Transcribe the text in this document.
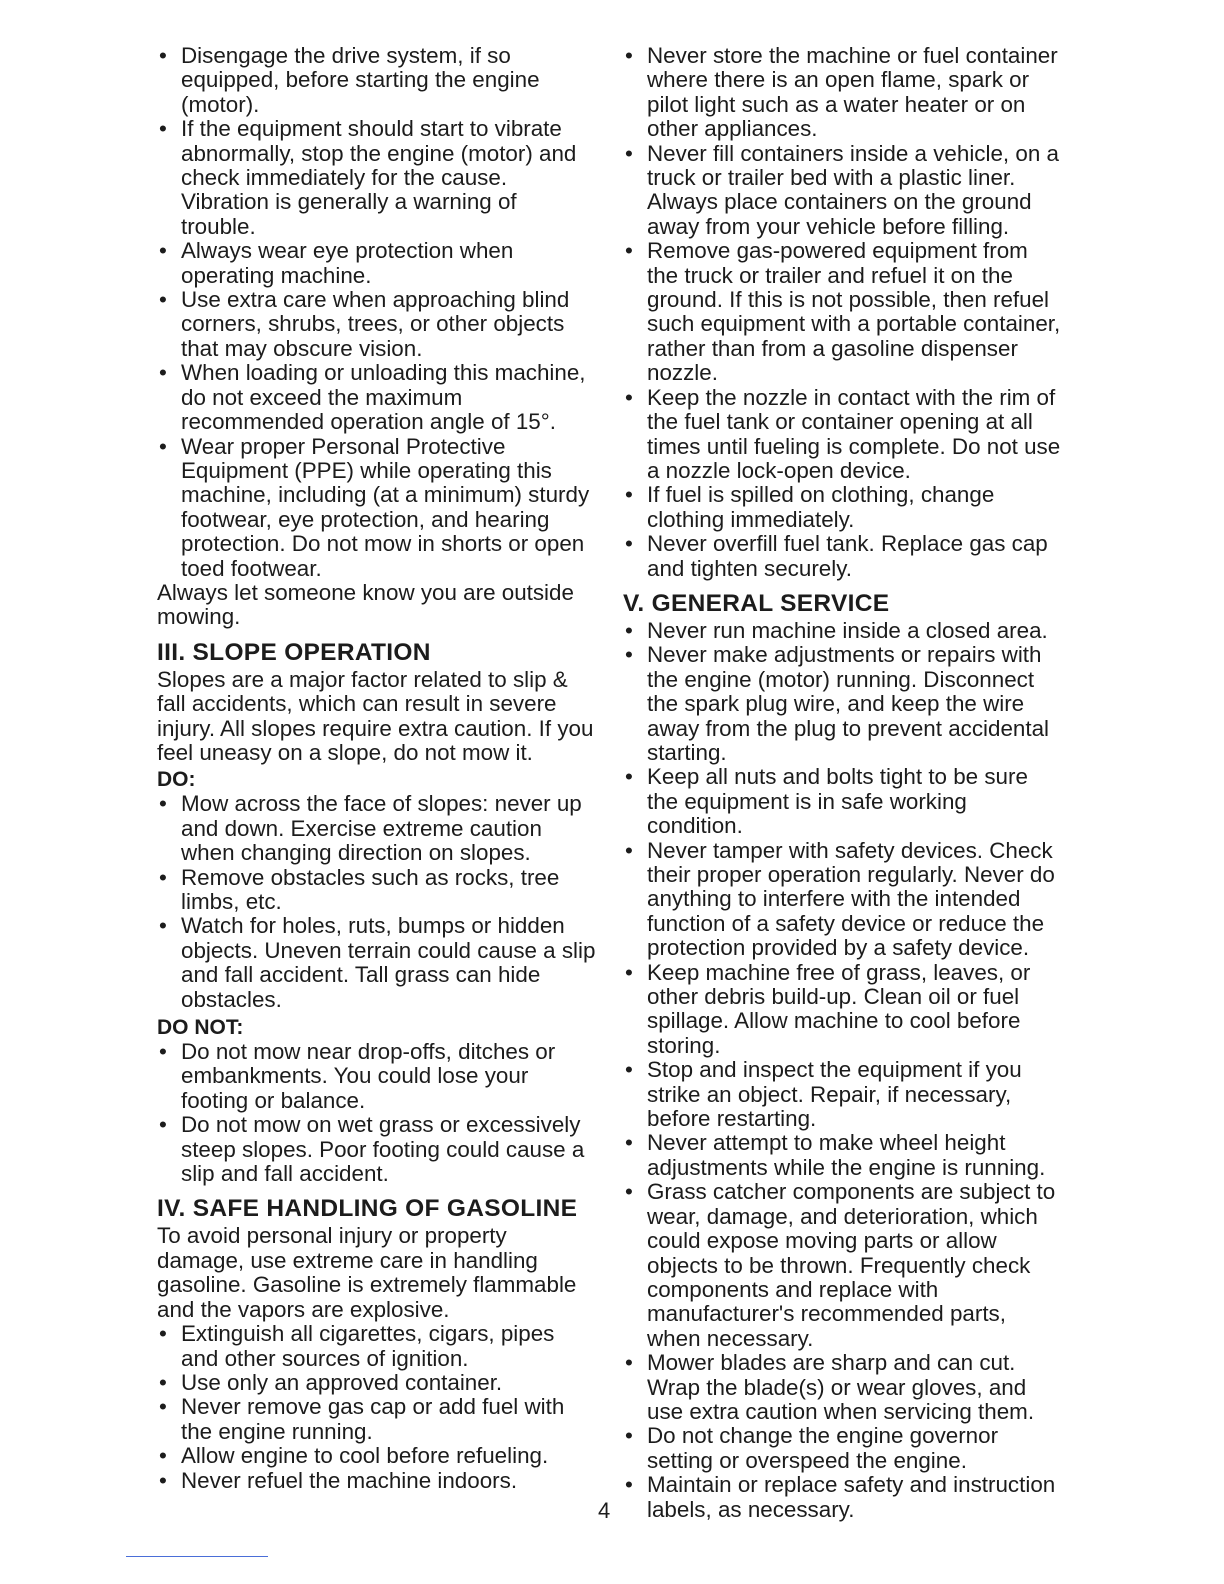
• Disengage the drive system, if so equipped, before starting the engine (motor).
• If the equipment should start to vibrate abnormally, stop the engine (motor) and check immediately for the cause. Vibration is generally a warning of trouble.
• Always wear eye protection when operating machine.
• Use extra care when approaching blind corners, shrubs, trees, or other objects that may obscure vision.
• When loading or unloading this machine, do not exceed the maximum recommended operation angle of 15°.
• Wear proper Personal Protective Equipment (PPE) while operating this machine, including (at a minimum) sturdy footwear, eye protection, and hearing protection. Do not mow in shorts or open toed footwear.

Always let someone know you are outside mowing.

III. SLOPE OPERATION

Slopes are a major factor related to slip & fall accidents, which can result in severe injury. All slopes require extra caution. If you feel uneasy on a slope, do not mow it.

DO:
• Mow across the face of slopes: never up and down. Exercise extreme caution when changing direction on slopes.
• Remove obstacles such as rocks, tree limbs, etc.
• Watch for holes, ruts, bumps or hidden objects. Uneven terrain could cause a slip and fall accident. Tall grass can hide obstacles.
DO NOT:
• Do not mow near drop-offs, ditches or embankments. You could lose your footing or balance.
• Do not mow on wet grass or excessively steep slopes. Poor footing could cause a slip and fall accident.
IV. SAFE HANDLING OF GASOLINE

To avoid personal injury or property damage, use extreme care in handling gasoline. Gasoline is extremely flammable and the vapors are explosive.

• Extinguish all cigarettes, cigars, pipes and other sources of ignition.
• Use only an approved container.
• Never remove gas cap or add fuel with the engine running.
• Allow engine to cool before refueling.
• Never refuel the machine indoors.
• Never store the machine or fuel container where there is an open flame, spark or pilot light such as a water heater or on other appliances.
• Never fill containers inside a vehicle, on a truck or trailer bed with a plastic liner. Always place containers on the ground away from your vehicle before filling.
• Remove gas-powered equipment from the truck or trailer and refuel it on the ground. If this is not possible, then refuel such equipment with a portable container, rather than from a gasoline dispenser nozzle.
• Keep the nozzle in contact with the rim of the fuel tank or container opening at all times until fueling is complete. Do not use a nozzle lock-open device.
• If fuel is spilled on clothing, change clothing immediately.
• Never overfill fuel tank. Replace gas cap and tighten securely.
V. GENERAL SERVICE
• Never run machine inside a closed area.
• Never make adjustments or repairs with the engine (motor) running. Disconnect the spark plug wire, and keep the wire away from the plug to prevent accidental starting.
• Keep all nuts and bolts tight to be sure the equipment is in safe working condition.
• Never tamper with safety devices. Check their proper operation regularly. Never do anything to interfere with the intended function of a safety device or reduce the protection provided by a safety device.
• Keep machine free of grass, leaves, or other debris build-up. Clean oil or fuel spillage. Allow machine to cool before storing.
• Stop and inspect the equipment if you strike an object. Repair, if necessary, before restarting.
• Never attempt to make wheel height adjustments while the engine is running.
• Grass catcher components are subject to wear, damage, and deterioration, which could expose moving parts or allow objects to be thrown. Frequently check components and replace with manufacturer's recommended parts, when necessary.
• Mower blades are sharp and can cut. Wrap the blade(s) or wear gloves, and use extra caution when servicing them.
• Do not change the engine governor setting or overspeed the engine.
• Maintain or replace safety and instruction labels, as necessary.
4
